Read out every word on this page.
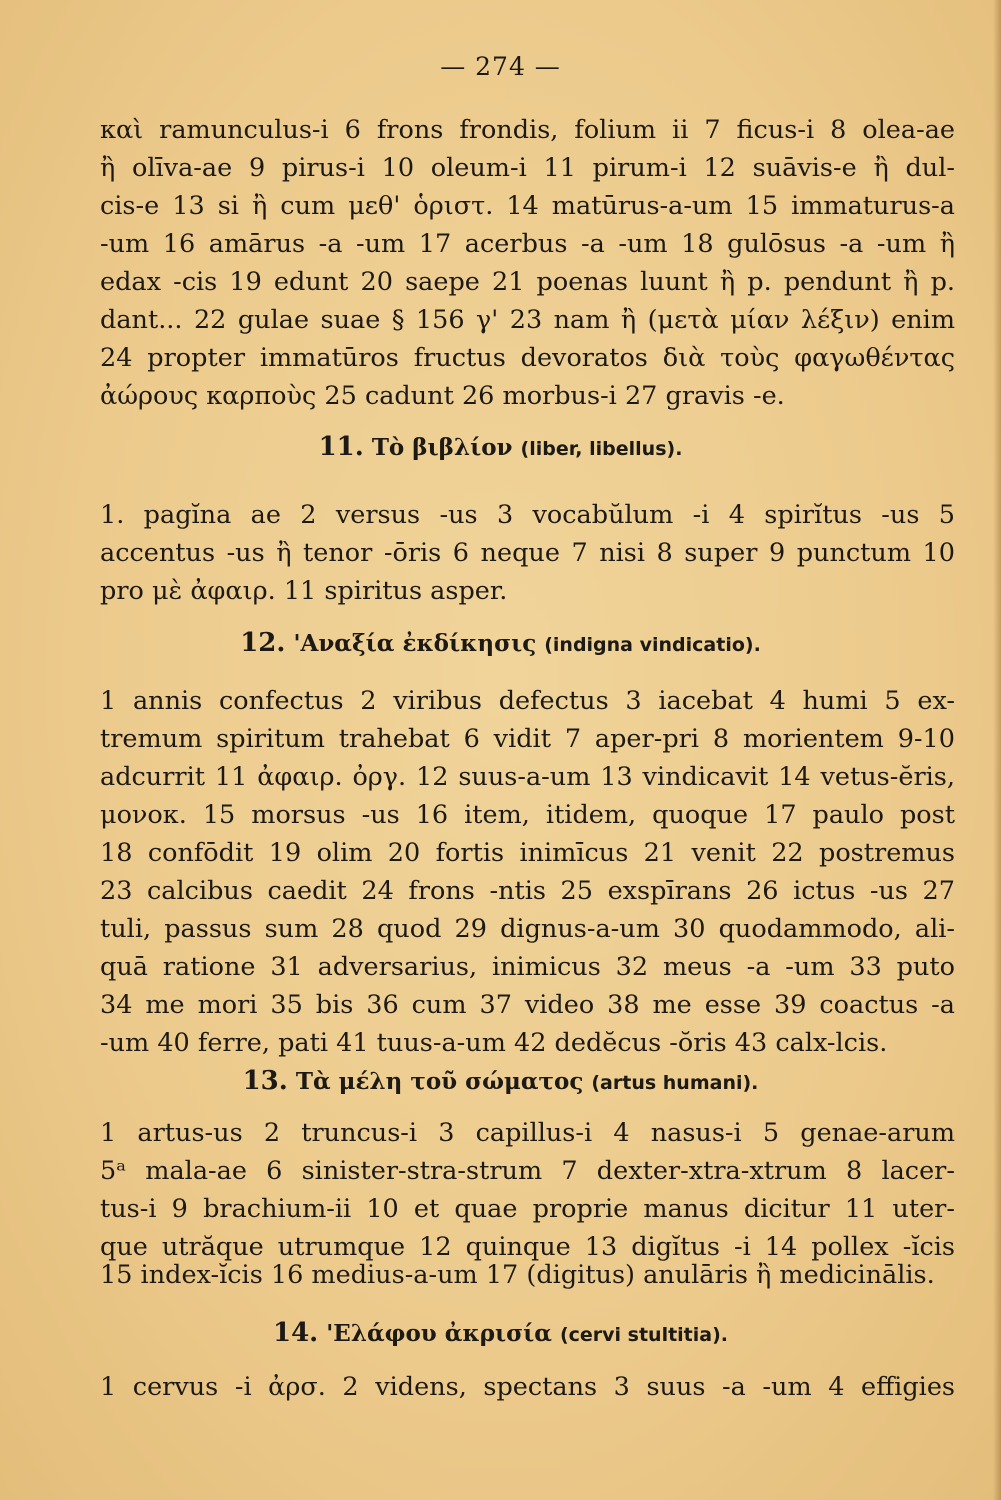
— 274 —
καὶ ramunculus-i 6 frons frondis, folium ii 7 ficus-i 8 olea-ae
ἢ olīva-ae 9 pirus-i 10 oleum-i 11 pirum-i 12 suāvis-e ἢ dul-
cis-e 13 si ἢ cum μεθ' ὁριστ. 14 matūrus-a-um 15 immaturus-a
-um 16 amārus -a -um 17 acerbus -a -um 18 gulōsus -a -um ἢ
edax -cis 19 edunt 20 saepe 21 poenas luunt ἢ p. pendunt ἢ p.
dant... 22 gulae suae § 156 γ' 23 nam ἢ (μετὰ μίαν λέξιν) enim
24 propter immatūros fructus devoratos διὰ τοὺς φαγωθέντας
ἀώρους καρποὺς 25 cadunt 26 morbus-i 27 gravis -e.
11. Τὸ βιβλίον (liber, libellus).
1. pagĭna ae 2 versus -us 3 vocabŭlum -i 4 spirĭtus -us 5
accentus -us ἢ tenor -ōris 6 neque 7 nisi 8 super 9 punctum 10
pro μὲ ἀφαιρ. 11 spiritus asper.
12. 'Αναξία ἐκδίκησις (indigna vindicatio).
1 annis confectus 2 viribus defectus 3 iacebat 4 humi 5 ex-
tremum spiritum trahebat 6 vidit 7 aper-pri 8 morientem 9-10
adcurrit 11 ἀφαιρ. ὀργ. 12 suus-a-um 13 vindicavit 14 vetus-ĕris,
μονοκ. 15 morsus -us 16 item, itidem, quoque 17 paulo post
18 confōdit 19 olim 20 fortis inimīcus 21 venit 22 postremus
23 calcibus caedit 24 frons -ntis 25 exspīrans 26 ictus -us 27
tuli, passus sum 28 quod 29 dignus-a-um 30 quodammodo, ali-
quā ratione 31 adversarius, inimicus 32 meus -a -um 33 puto
34 me mori 35 bis 36 cum 37 video 38 me esse 39 coactus -a
-um 40 ferre, pati 41 tuus-a-um 42 dedĕcus -ŏris 43 calx-lcis.
13. Τὰ μέλη τοῦ σώματος (artus humani).
1 artus-us 2 truncus-i 3 capillus-i 4 nasus-i 5 genae-arum
5ᵃ mala-ae 6 sinister-stra-strum 7 dexter-xtra-xtrum 8 lacer-
tus-i 9 brachium-ii 10 et quae proprie manus dicitur 11 uter-
que utrăque utrumque 12 quinque 13 digĭtus -i 14 pollex -ĭcis
15 index-ĭcis 16 medius-a-um 17 (digitus) anulāris ἢ medicinālis.
14. 'Ελάφου ἀκρισία (cervi stultitia).
1 cervus -i ἀρσ. 2 videns, spectans 3 suus -a -um 4 effigies
